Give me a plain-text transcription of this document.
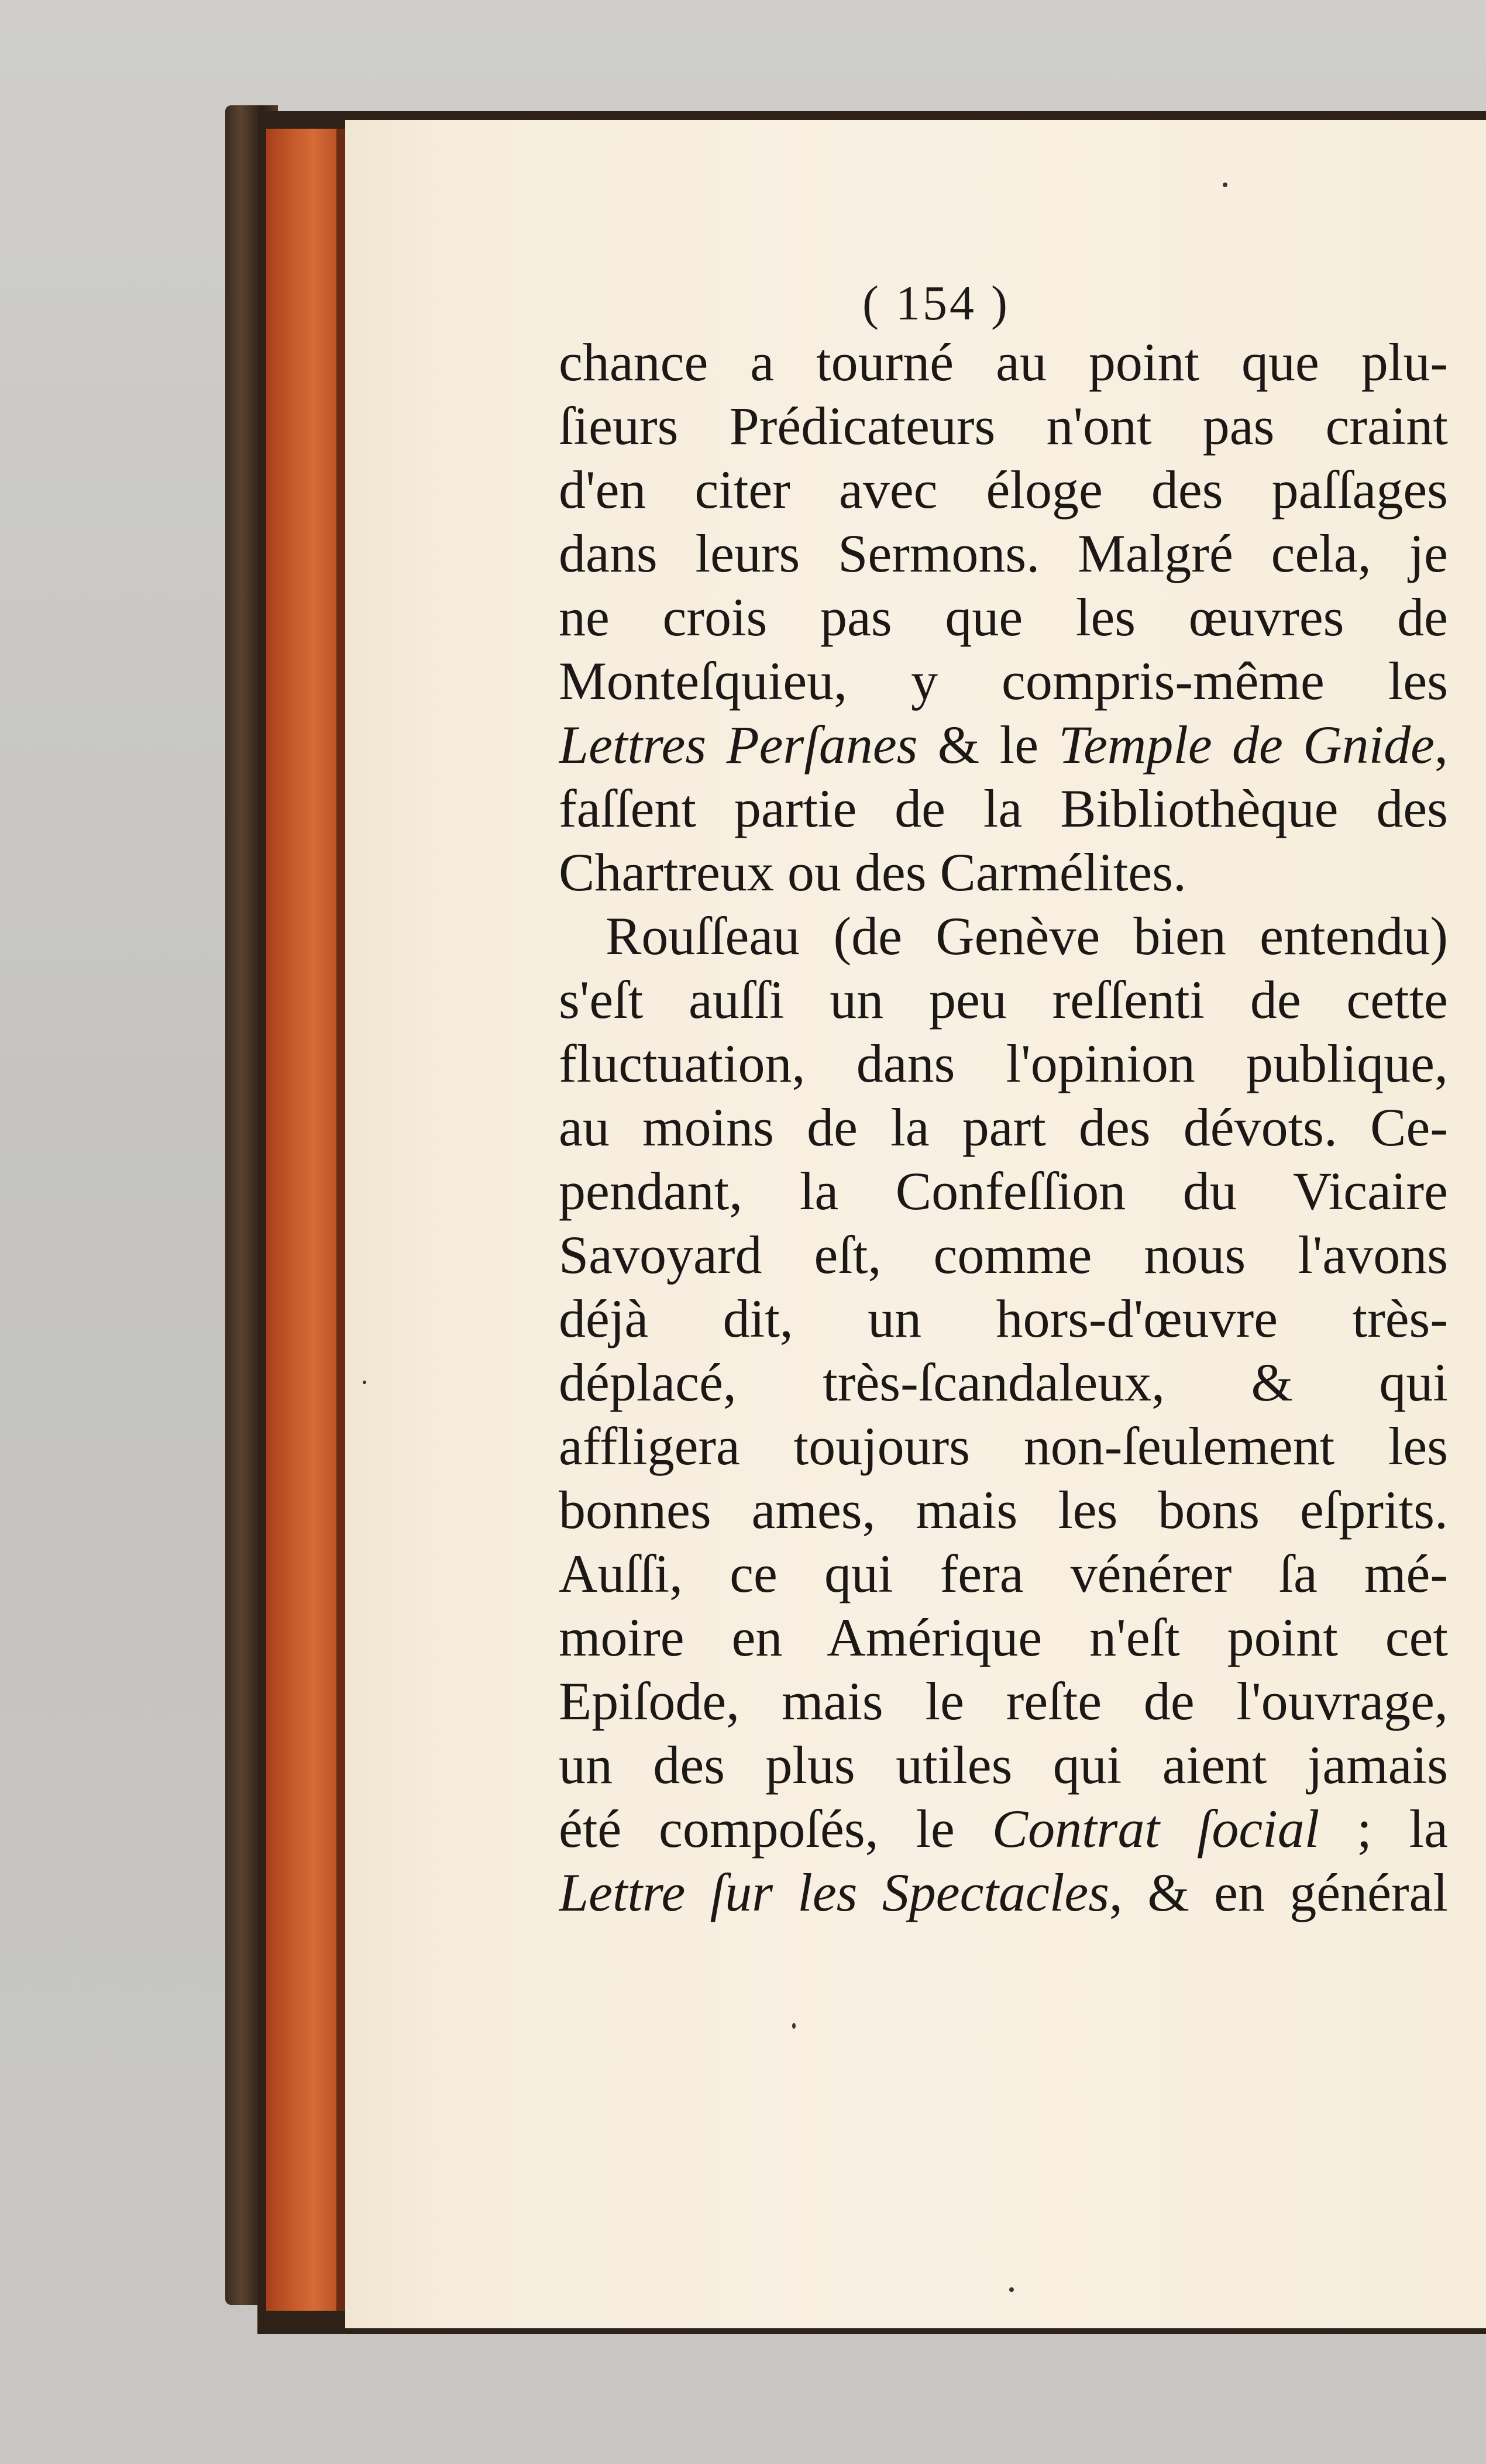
( 154 )
chance a tourné au point que plu-
ſieurs Prédicateurs n'ont pas craint
d'en citer avec éloge des paſſages
dans leurs Sermons. Malgré cela, je
ne crois pas que les œuvres de
Monteſquieu, y compris-même les
Lettres Perſanes & le Temple de Gnide,
faſſent partie de la Bibliothèque des
Chartreux ou des Carmélites.
Rouſſeau (de Genève bien entendu)
s'eſt auſſi un peu reſſenti de cette
fluctuation, dans l'opinion publique,
au moins de la part des dévots. Ce-
pendant, la Confeſſion du Vicaire
Savoyard eſt, comme nous l'avons
déjà dit, un hors-d'œuvre très-
déplacé, très-ſcandaleux, & qui
affligera toujours non-ſeulement les
bonnes ames, mais les bons eſprits.
Auſſi, ce qui fera vénérer ſa mé-
moire en Amérique n'eſt point cet
Epiſode, mais le reſte de l'ouvrage,
un des plus utiles qui aient jamais
été compoſés, le Contrat ſocial ; la
Lettre ſur les Spectacles, & en général
